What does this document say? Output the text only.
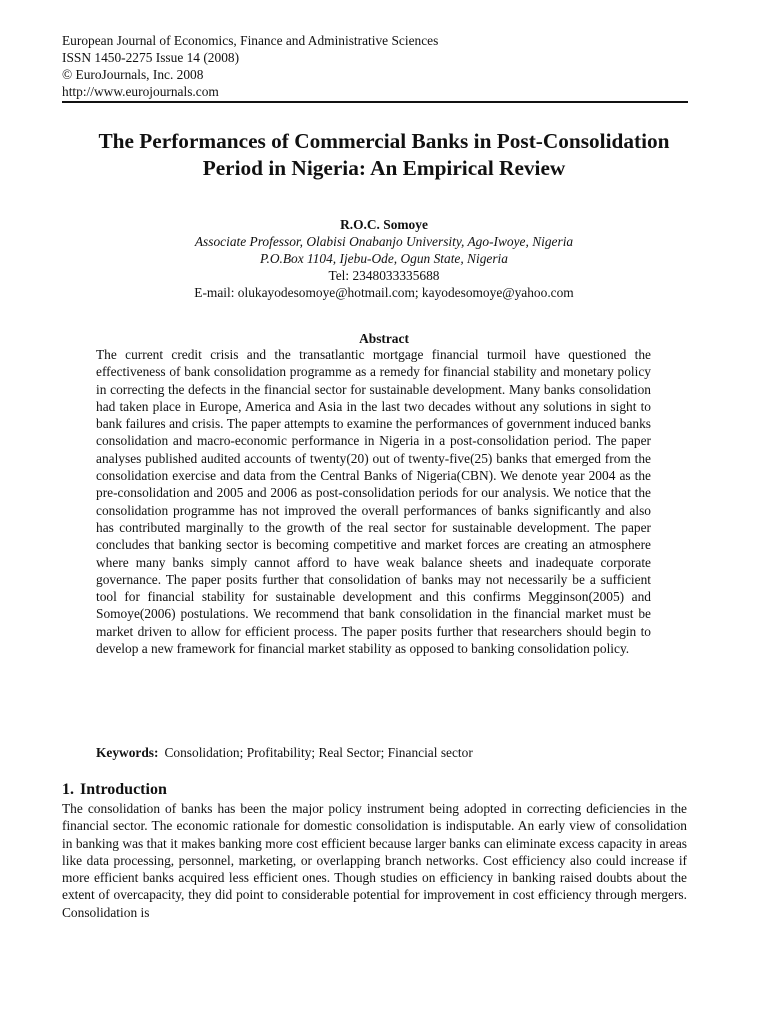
European Journal of Economics, Finance and Administrative Sciences
ISSN 1450-2275 Issue 14 (2008)
© EuroJournals, Inc. 2008
http://www.eurojournals.com
The Performances of Commercial Banks in Post-Consolidation
Period in Nigeria: An Empirical Review
R.O.C. Somoye
Associate Professor, Olabisi Onabanjo University, Ago-Iwoye, Nigeria
P.O.Box 1104, Ijebu-Ode, Ogun State, Nigeria
Tel: 2348033335688
E-mail: olukayodesomoye@hotmail.com; kayodesomoye@yahoo.com
Abstract

The current credit crisis and the transatlantic mortgage financial turmoil have questioned the effectiveness of bank consolidation programme as a remedy for financial stability and monetary policy in correcting the defects in the financial sector for sustainable development. Many banks consolidation had taken place in Europe, America and Asia in the last two decades without any solutions in sight to bank failures and crisis. The paper attempts to examine the performances of government induced banks consolidation and macro-economic performance in Nigeria in a post-consolidation period. The paper analyses published audited accounts of twenty(20) out of twenty-five(25) banks that emerged from the consolidation exercise and data from the Central Banks of Nigeria(CBN). We denote year 2004 as the pre-consolidation and 2005 and 2006 as post-consolidation periods for our analysis. We notice that the consolidation programme has not improved the overall performances of banks significantly and also has contributed marginally to the growth of the real sector for sustainable development. The paper concludes that banking sector is becoming competitive and market forces are creating an atmosphere where many banks simply cannot afford to have weak balance sheets and inadequate corporate governance. The paper posits further that consolidation of banks may not necessarily be a sufficient tool for financial stability for sustainable development and this confirms Megginson(2005) and Somoye(2006) postulations. We recommend that bank consolidation in the financial market must be market driven to allow for efficient process. The paper posits further that researchers should begin to develop a new framework for financial market stability as opposed to banking consolidation policy.

Keywords: Consolidation; Profitability; Real Sector; Financial sector
1. Introduction

The consolidation of banks has been the major policy instrument being adopted in correcting deficiencies in the financial sector. The economic rationale for domestic consolidation is indisputable. An early view of consolidation in banking was that it makes banking more cost efficient because larger banks can eliminate excess capacity in areas like data processing, personnel, marketing, or overlapping branch networks. Cost efficiency also could increase if more efficient banks acquired less efficient ones. Though studies on efficiency in banking raised doubts about the extent of overcapacity, they did point to considerable potential for improvement in cost efficiency through mergers. Consolidation is
